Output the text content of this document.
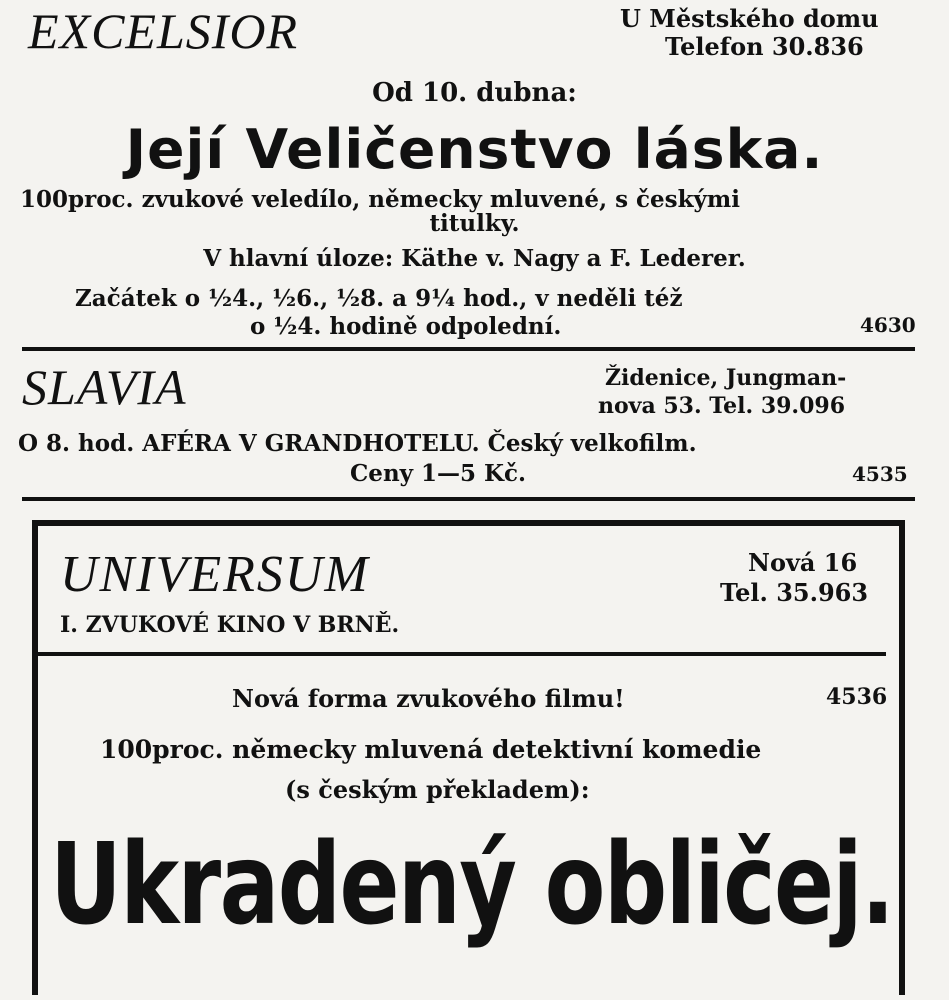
EXCELSIOR	U Městského domu
Telefon 30.836
Od 10. dubna:
Její Veličenstvo láska.
100proc. zvukové veledílo, německy mluvené, s českými
titulky.
V hlavní úloze: Käthe v. Nagy a F. Lederer.
Začátek o ½4., ½6., ½8. a 9¼ hod., v neděli též
o ½4. hodině odpolední.	4630
SLAVIA	Židenice, Jungman-
nova 53. Tel. 39.096
O 8. hod. AFÉRA V GRANDHOTELU. Český velkofilm.
Ceny 1—5 Kč.	4535
UNIVERSUM
I. ZVUKOVÉ KINO V BRNĚ.
Nová 16
Tel. 35.963
Nová forma zvukového filmu!	4536
100proc. německy mluvená detektivní komedie
(s českým překladem):
Ukradený obličej.
